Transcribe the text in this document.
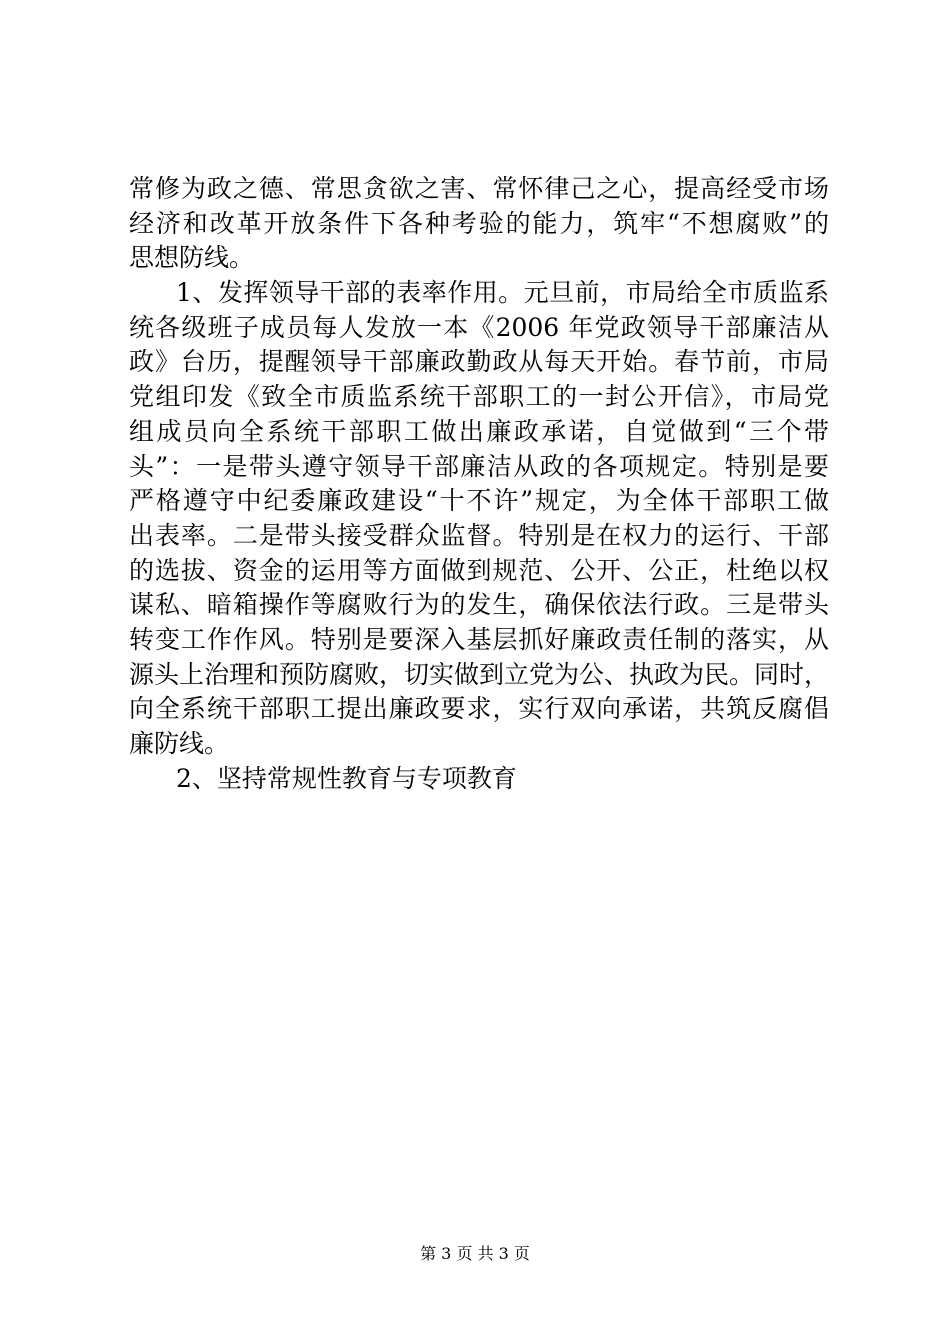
常修为政之德、常思贪欲之害、常怀律己之心，提高经受市场
经济和改革开放条件下各种考验的能力，筑牢“不想腐败”的
思想防线。
1、发挥领导干部的表率作用。元旦前，市局给全市质监系
统各级班子成员每人发放一本《2006 年党政领导干部廉洁从
政》台历，提醒领导干部廉政勤政从每天开始。春节前，市局
党组印发《致全市质监系统干部职工的一封公开信》，市局党
组成员向全系统干部职工做出廉政承诺，自觉做到“三个带
头”：一是带头遵守领导干部廉洁从政的各项规定。特别是要
严格遵守中纪委廉政建设“十不许”规定，为全体干部职工做
出表率。二是带头接受群众监督。特别是在权力的运行、干部
的选拔、资金的运用等方面做到规范、公开、公正，杜绝以权
谋私、暗箱操作等腐败行为的发生，确保依法行政。三是带头
转变工作作风。特别是要深入基层抓好廉政责任制的落实，从
源头上治理和预防腐败，切实做到立党为公、执政为民。同时，
向全系统干部职工提出廉政要求，实行双向承诺，共筑反腐倡
廉防线。
2、坚持常规性教育与专项教育
第 3 页 共 3 页
